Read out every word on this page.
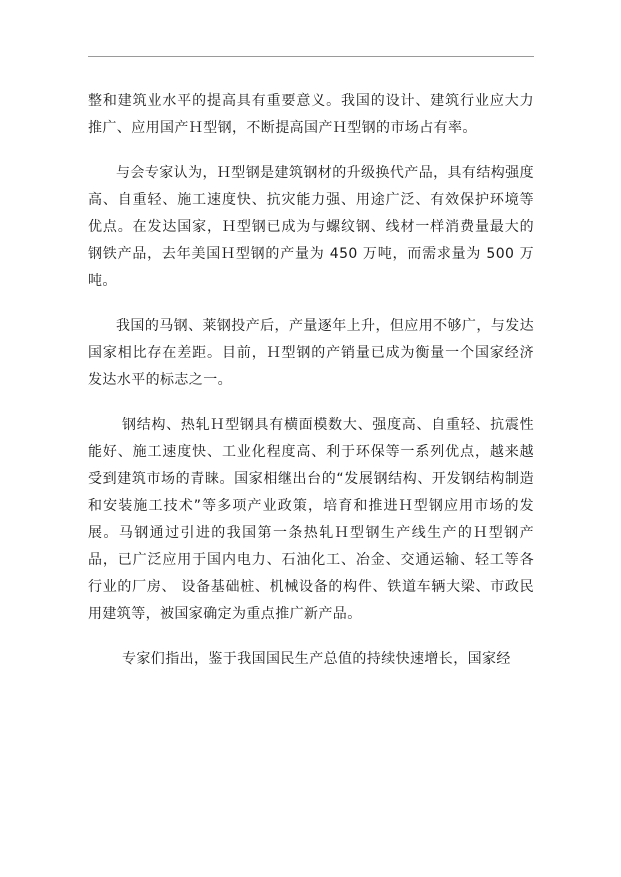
整和建筑业水平的提高具有重要意义。我国的设计、建筑行业应大力推广、应用国产Ｈ型钢，不断提高国产Ｈ型钢的市场占有率。

与会专家认为，Ｈ型钢是建筑钢材的升级换代产品，具有结构强度高、自重轻、施工速度快、抗灾能力强、用途广泛、有效保护环境等优点。在发达国家，Ｈ型钢已成为与螺纹钢、线材一样消费量最大的钢铁产品，去年美国Ｈ型钢的产量为 450 万吨，而需求量为 500 万吨。

我国的马钢、莱钢投产后，产量逐年上升，但应用不够广，与发达国家相比存在差距。目前，Ｈ型钢的产销量已成为衡量一个国家经济发达水平的标志之一。

钢结构、热轧Ｈ型钢具有横面模数大、强度高、自重轻、抗震性能好、施工速度快、工业化程度高、利于环保等一系列优点，越来越受到建筑市场的青睐。国家相继出台的“发展钢结构、开发钢结构制造和安装施工技术”等多项产业政策，培育和推进Ｈ型钢应用市场的发展。马钢通过引进的我国第一条热轧Ｈ型钢生产线生产的Ｈ型钢产品，已广泛应用于国内电力、石油化工、冶金、交通运输、轻工等各行业的厂房、 设备基础桩、机械设备的构件、铁道车辆大梁、市政民用建筑等，被国家确定为重点推广新产品。

专家们指出，鉴于我国国民生产总值的持续快速增长，国家经
